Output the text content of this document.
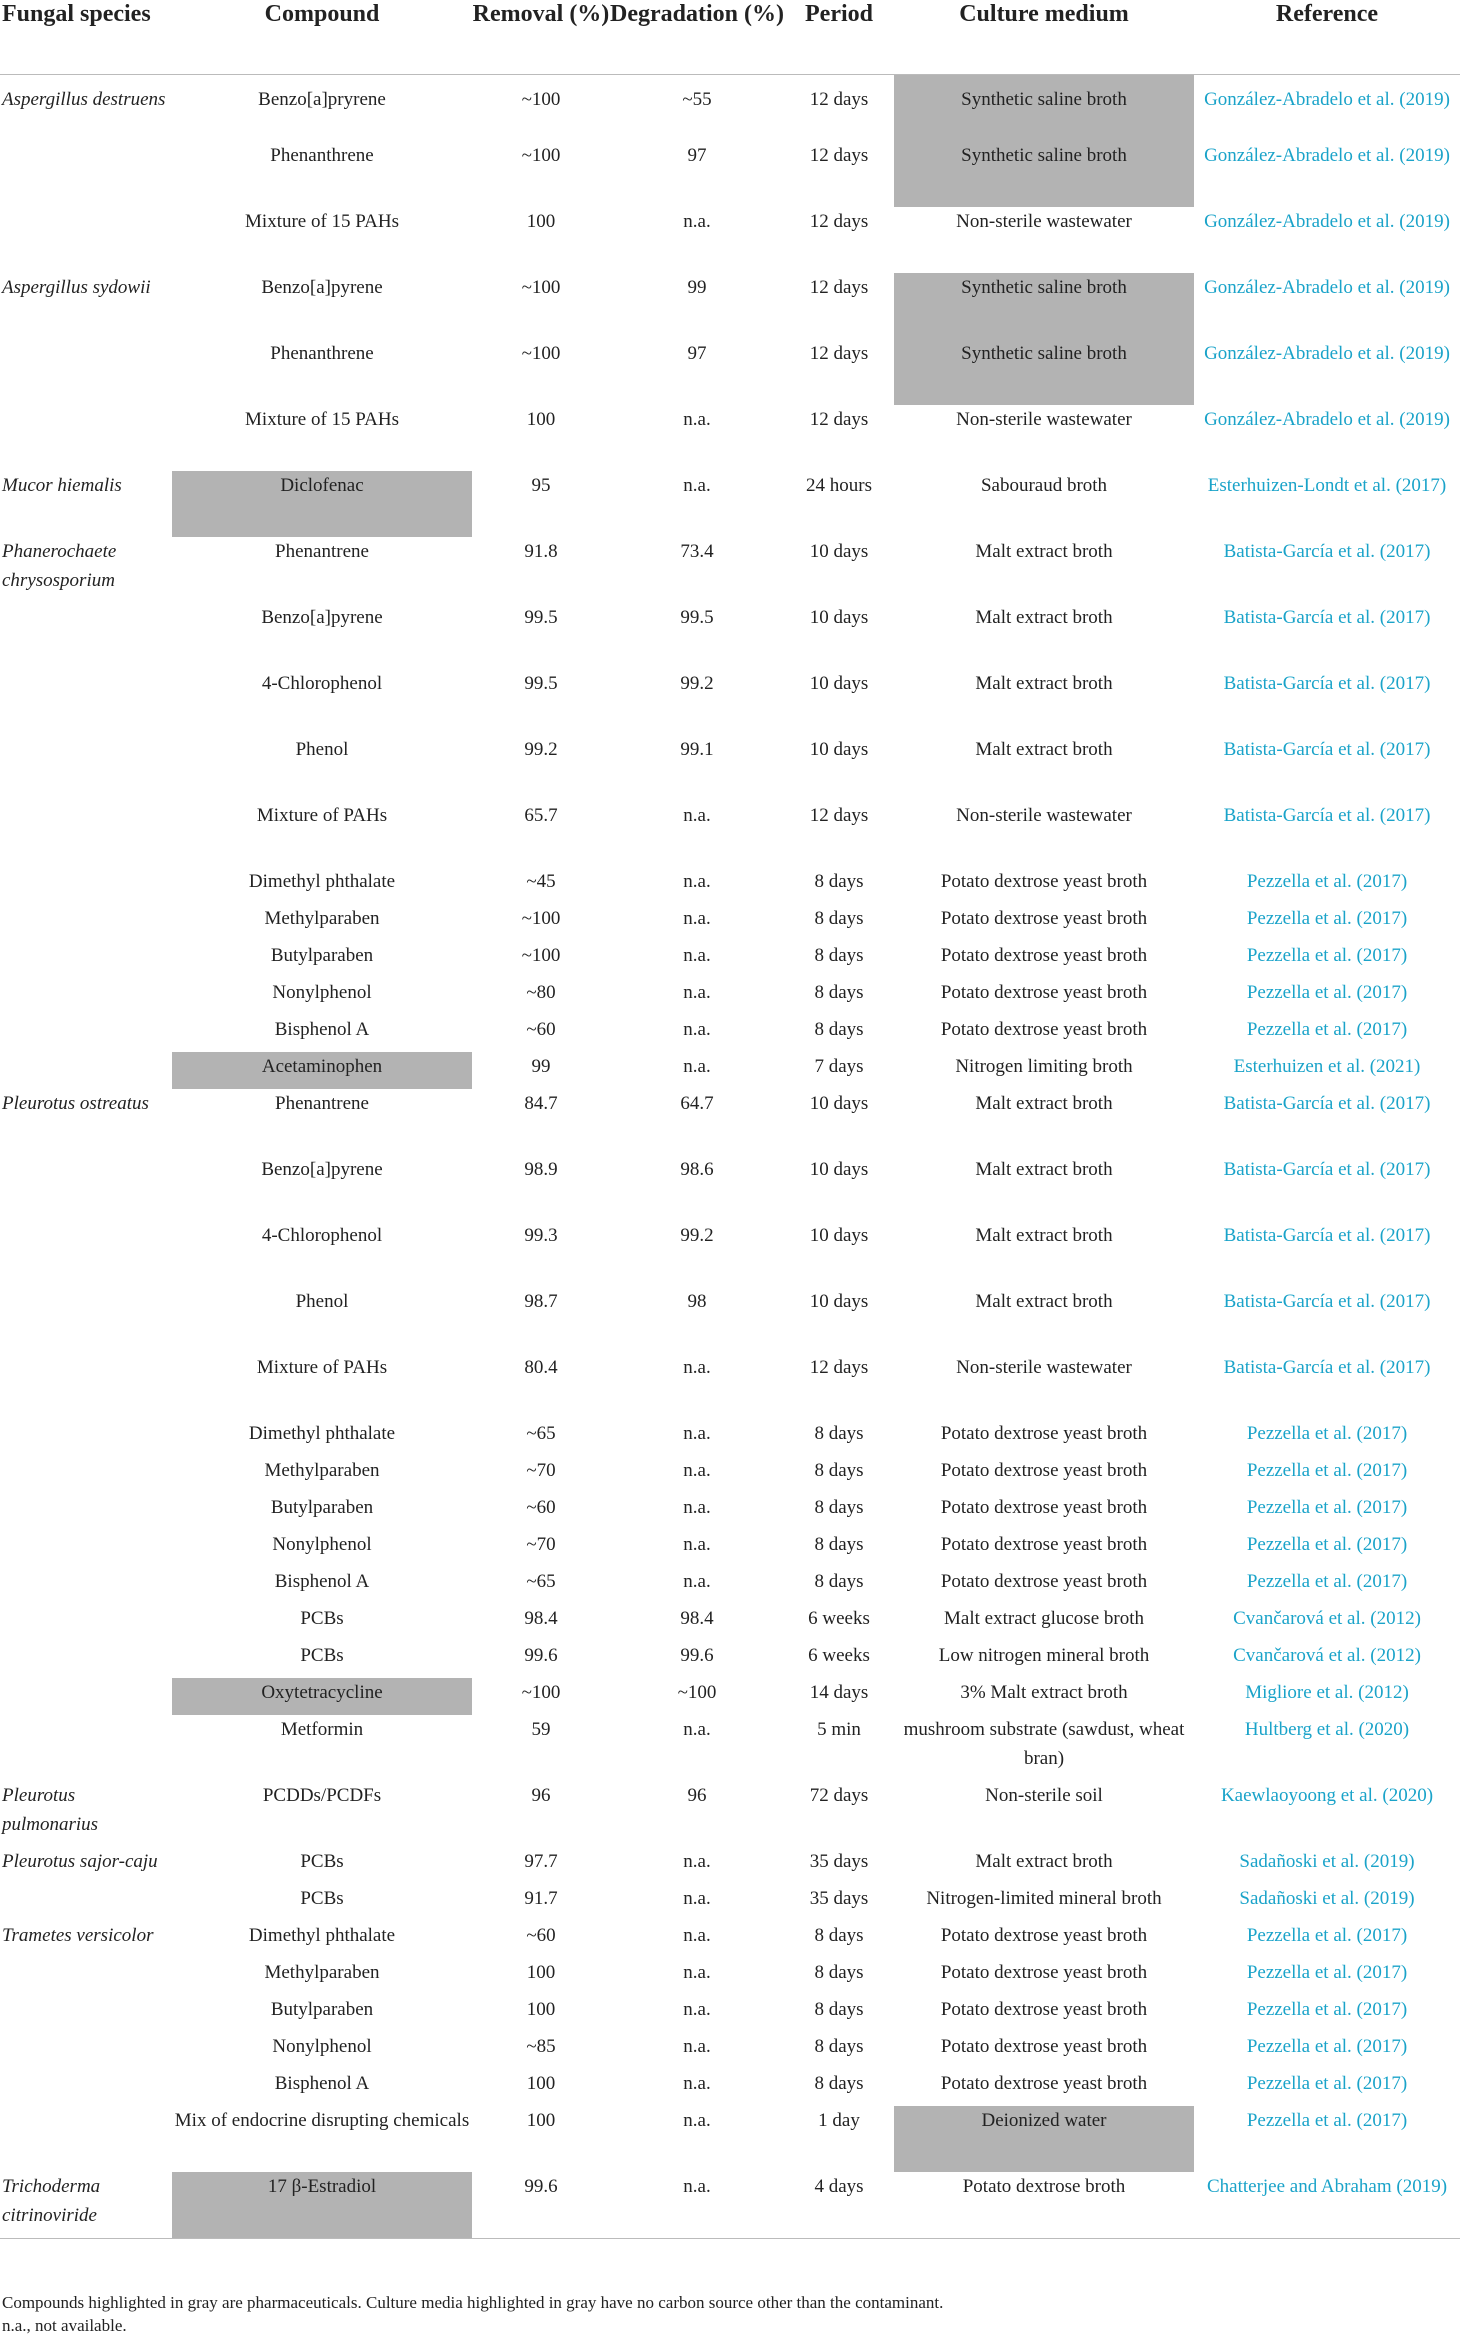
Fungal species	Compound	Removal (%)	Degradation (%)	Period	Culture medium	Reference
Aspergillus destruens	Benzo[a]pryrene	~100	~55	12 days	Synthetic saline broth	González-Abradelo et al. (2019)
	Phenanthrene	~100	97	12 days	Synthetic saline broth	González-Abradelo et al. (2019)
	Mixture of 15 PAHs	100	n.a.	12 days	Non-sterile wastewater	González-Abradelo et al. (2019)
Aspergillus sydowii	Benzo[a]pyrene	~100	99	12 days	Synthetic saline broth	González-Abradelo et al. (2019)
	Phenanthrene	~100	97	12 days	Synthetic saline broth	González-Abradelo et al. (2019)
	Mixture of 15 PAHs	100	n.a.	12 days	Non-sterile wastewater	González-Abradelo et al. (2019)
Mucor hiemalis	Diclofenac	95	n.a.	24 hours	Sabouraud broth	Esterhuizen-Londt et al. (2017)
Phanerochaete chrysosporium	Phenantrene	91.8	73.4	10 days	Malt extract broth	Batista-García et al. (2017)
	Benzo[a]pyrene	99.5	99.5	10 days	Malt extract broth	Batista-García et al. (2017)
	4-Chlorophenol	99.5	99.2	10 days	Malt extract broth	Batista-García et al. (2017)
	Phenol	99.2	99.1	10 days	Malt extract broth	Batista-García et al. (2017)
	Mixture of PAHs	65.7	n.a.	12 days	Non-sterile wastewater	Batista-García et al. (2017)
	Dimethyl phthalate	~45	n.a.	8 days	Potato dextrose yeast broth	Pezzella et al. (2017)
	Methylparaben	~100	n.a.	8 days	Potato dextrose yeast broth	Pezzella et al. (2017)
	Butylparaben	~100	n.a.	8 days	Potato dextrose yeast broth	Pezzella et al. (2017)
	Nonylphenol	~80	n.a.	8 days	Potato dextrose yeast broth	Pezzella et al. (2017)
	Bisphenol A	~60	n.a.	8 days	Potato dextrose yeast broth	Pezzella et al. (2017)
	Acetaminophen	99	n.a.	7 days	Nitrogen limiting broth	Esterhuizen et al. (2021)
Pleurotus ostreatus	Phenantrene	84.7	64.7	10 days	Malt extract broth	Batista-García et al. (2017)
	Benzo[a]pyrene	98.9	98.6	10 days	Malt extract broth	Batista-García et al. (2017)
	4-Chlorophenol	99.3	99.2	10 days	Malt extract broth	Batista-García et al. (2017)
	Phenol	98.7	98	10 days	Malt extract broth	Batista-García et al. (2017)
	Mixture of PAHs	80.4	n.a.	12 days	Non-sterile wastewater	Batista-García et al. (2017)
	Dimethyl phthalate	~65	n.a.	8 days	Potato dextrose yeast broth	Pezzella et al. (2017)
	Methylparaben	~70	n.a.	8 days	Potato dextrose yeast broth	Pezzella et al. (2017)
	Butylparaben	~60	n.a.	8 days	Potato dextrose yeast broth	Pezzella et al. (2017)
	Nonylphenol	~70	n.a.	8 days	Potato dextrose yeast broth	Pezzella et al. (2017)
	Bisphenol A	~65	n.a.	8 days	Potato dextrose yeast broth	Pezzella et al. (2017)
	PCBs	98.4	98.4	6 weeks	Malt extract glucose broth	Cvančarová et al. (2012)
	PCBs	99.6	99.6	6 weeks	Low nitrogen mineral broth	Cvančarová et al. (2012)
	Oxytetracycline	~100	~100	14 days	3% Malt extract broth	Migliore et al. (2012)
	Metformin	59	n.a.	5 min	mushroom substrate (sawdust, wheat bran)	Hultberg et al. (2020)
Pleurotus pulmonarius	PCDDs/PCDFs	96	96	72 days	Non-sterile soil	Kaewlaoyoong et al. (2020)
Pleurotus sajor-caju	PCBs	97.7	n.a.	35 days	Malt extract broth	Sadañoski et al. (2019)
	PCBs	91.7	n.a.	35 days	Nitrogen-limited mineral broth	Sadañoski et al. (2019)
Trametes versicolor	Dimethyl phthalate	~60	n.a.	8 days	Potato dextrose yeast broth	Pezzella et al. (2017)
	Methylparaben	100	n.a.	8 days	Potato dextrose yeast broth	Pezzella et al. (2017)
	Butylparaben	100	n.a.	8 days	Potato dextrose yeast broth	Pezzella et al. (2017)
	Nonylphenol	~85	n.a.	8 days	Potato dextrose yeast broth	Pezzella et al. (2017)
	Bisphenol A	100	n.a.	8 days	Potato dextrose yeast broth	Pezzella et al. (2017)
	Mix of endocrine disrupting chemicals	100	n.a.	1 day	Deionized water	Pezzella et al. (2017)
Trichoderma citrinoviride	17 β-Estradiol	99.6	n.a.	4 days	Potato dextrose broth	Chatterjee and Abraham (2019)
Compounds highlighted in gray are pharmaceuticals. Culture media highlighted in gray have no carbon source other than the contaminant.
n.a., not available.
